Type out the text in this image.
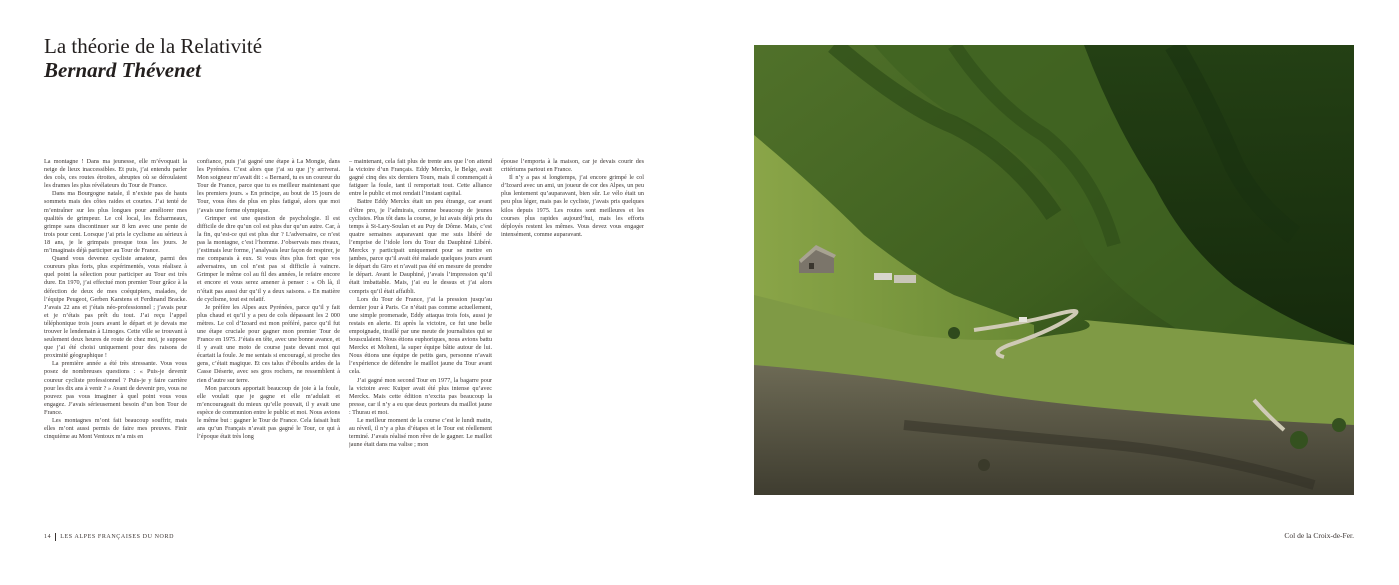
La théorie de la Relativité
Bernard Thévenet

La montagne ! Dans ma jeunesse, elle m’évoquait la neige de lieux inaccessibles. Et puis, j’ai entendu parler des cols, ces routes étroites, abruptes où se déroulaient les drames les plus révélateurs du Tour de France.

Dans ma Bourgogne natale, il n’existe pas de hauts sommets mais des côtes raides et courtes. J’ai tenté de m’entraîner sur les plus longues pour améliorer mes qualités de grimpeur. Le col local, les Écharmeaux, grimpe sans discontinuer sur 8 km avec une pente de trois pour cent. Lorsque j’ai pris le cyclisme au sérieux à 18 ans, je le grimpais presque tous les jours. Je m’imaginais déjà participer au Tour de France.

Quand vous devenez cycliste amateur, parmi des coureurs plus forts, plus expérimentés, vous réalisez à quel point la sélection pour participer au Tour est très dure. En 1970, j’ai effectué mon premier Tour grâce à la défection de deux de mes coéquipiers, malades, de l’équipe Peugeot, Gerben Karstens et Ferdinand Bracke. J’avais 22 ans et j’étais néo-professionnel ; j’avais peur et je n’étais pas prêt du tout. J’ai reçu l’appel téléphonique trois jours avant le départ et je devais me trouver le lendemain à Limoges. Cette ville se trouvant à seulement deux heures de route de chez moi, je suppose que j’ai été choisi uniquement pour des raisons de proximité géographique !

La première année a été très stressante. Vous vous posez de nombreuses questions : « Puis-je devenir coureur cycliste professionnel ? Puis-je y faire carrière pour les dix ans à venir ? » Avant de devenir pro, vous ne pouvez pas vous imaginer à quel point vous vous engagez. J’avais sérieusement besoin d’un bon Tour de France.

Les montagnes m’ont fait beaucoup souffrir, mais elles m’ont aussi permis de faire mes preuves. Finir cinquième au Mont Ventoux m’a mis en

confiance, puis j’ai gagné une étape à La Mongie, dans les Pyrénées. C’est alors que j’ai su que j’y arriverai. Mon soigneur m’avait dit : « Bernard, tu es un coureur du Tour de France, parce que tu es meilleur maintenant que les premiers jours. » En principe, au bout de 15 jours de Tour, vous êtes de plus en plus fatigué, alors que moi j’avais une forme olympique.

Grimper est une question de psychologie. Il est difficile de dire qu’un col est plus dur qu’un autre. Car, à la fin, qu’est-ce qui est plus dur ? L’adversaire, ce n’est pas la montagne, c’est l’homme. J’observais mes rivaux, j’estimais leur forme, j’analysais leur façon de respirer, je me comparais à eux. Si vous êtes plus fort que vos adversaires, un col n’est pas si difficile à vaincre. Grimper le même col au fil des années, le refaire encore et encore et vous serez amener à penser : « Oh là, il n’était pas aussi dur qu’il y a deux saisons. » En matière de cyclisme, tout est relatif.

Je préfère les Alpes aux Pyrénées, parce qu’il y fait plus chaud et qu’il y a peu de cols dépassant les 2 000 mètres. Le col d’Izoard est mon préféré, parce qu’il fut une étape cruciale pour gagner mon premier Tour de France en 1975. J’étais en tête, avec une bonne avance, et il y avait une moto de course juste devant moi qui écartait la foule. Je me sentais si encouragé, si proche des gens, c’était magique. Et ces talus d’éboulis arides de la Casse Déserte, avec ses gros rochers, ne ressemblent à rien d’autre sur terre.

Mon parcours apportait beaucoup de joie à la foule, elle voulait que je gagne et elle m’adulait et m’encourageait du mieux qu’elle pouvait, il y avait une espèce de communion entre le public et moi. Nous avions le même but : gagner le Tour de France. Cela faisait huit ans qu’un Français n’avait pas gagné le Tour, ce qui à l’époque était très long

– maintenant, cela fait plus de trente ans que l’on attend la victoire d’un Français. Eddy Merckx, le Belge, avait gagné cinq des six derniers Tours, mais il commençait à fatiguer la foule, tant il remportait tout. Cette alliance entre le public et moi rendait l’instant capital.

Battre Eddy Merckx était un peu étrange, car avant d’être pro, je l’admirais, comme beaucoup de jeunes cyclistes. Plus tôt dans la course, je lui avais déjà pris du temps à St-Lary-Soulan et au Puy de Dôme. Mais, c’est quatre semaines auparavant que me suis libéré de l’emprise de l’idole lors du Tour du Dauphiné Libéré. Merckx y participait uniquement pour se mettre en jambes, parce qu’il avait été malade quelques jours avant le départ du Giro et n’avait pas été en mesure de prendre le départ. Avant le Dauphiné, j’avais l’impression qu’il était imbattable. Mais, j’ai eu le dessus et j’ai alors compris qu’il était affaibli.

Lors du Tour de France, j’ai la pression jusqu’au dernier jour à Paris. Ce n’était pas comme actuellement, une simple promenade, Eddy attaqua trois fois, aussi je restais en alerte. Et après la victoire, ce fut une belle empoignade, tiraillé par une meute de journalistes qui se bousculaient. Nous étions euphoriques, nous avions battu Merckx et Molteni, la super équipe bâtie autour de lui. Nous étions une équipe de petits gars, personne n’avait l’expérience de défendre le maillot jaune du Tour avant cela.

J’ai gagné mon second Tour en 1977, la bagarre pour la victoire avec Kuiper avait été plus intense qu’avec Merckx. Mais cette édition n’excita pas beaucoup la presse, car il n’y a eu que deux porteurs du maillot jaune : Thurau et moi.

Le meilleur moment de la course c’est le lundi matin, au réveil, il n’y a plus d’étapes et le Tour est réellement terminé. J’avais réalisé mon rêve de le gagner. Le maillot jaune était dans ma valise ; mon

épouse l’emporta à la maison, car je devais courir des critériums partout en France.

Il n’y a pas si longtemps, j’ai encore grimpé le col d’Izoard avec un ami, un joueur de cor des Alpes, un peu plus lentement qu’auparavant, bien sûr. Le vélo était un peu plus léger, mais pas le cycliste, j’avais pris quelques kilos depuis 1975. Les routes sont meilleures et les courses plus rapides aujourd’hui, mais les efforts déployés restent les mêmes. Vous devez vous engager intensément, comme auparavant.

14 LES ALPES FRANÇAISES DU NORD	Col de la Croix-de-Fer.
